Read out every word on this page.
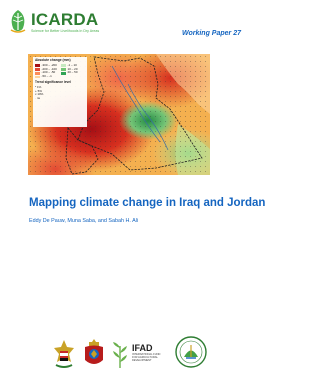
ICARDA
Science for Better Livelihoods in Dry Areas	Working Paper 27
Absolute change (mm)
-300 – -200	-1 – 10
-200 – -100	10 – 20
-100 – -50	20 – 50
-50 – -1
Trend significance level
* 1%
+ 5%
x 10%
· ns
Mapping climate change in Iraq and Jordan
Eddy De Pauw, Muna Saba, and Sabah H. Ali
IFAD
INTERNATIONAL FUND FOR AGRICULTURAL DEVELOPMENT
